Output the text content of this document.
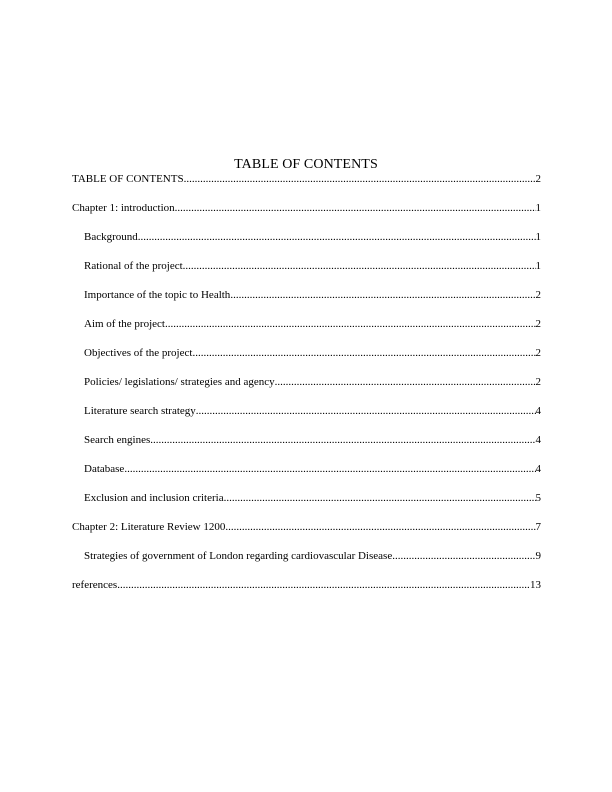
TABLE OF CONTENTS
TABLE OF CONTENTS .....	2
Chapter 1: introduction .....	1
Background .....	1
Rational of the project .....	1
Importance of the topic to Health .....	2
Aim of the project .....	2
Objectives of the project .....	2
Policies/ legislations/ strategies and agency .....	2
Literature search strategy .....	4
Search engines .....	4
Database .....	4
Exclusion and inclusion criteria .....	5
Chapter 2: Literature Review 1200 .....	7
Strategies of government of London regarding cardiovascular Disease .....	9
references .....	13
